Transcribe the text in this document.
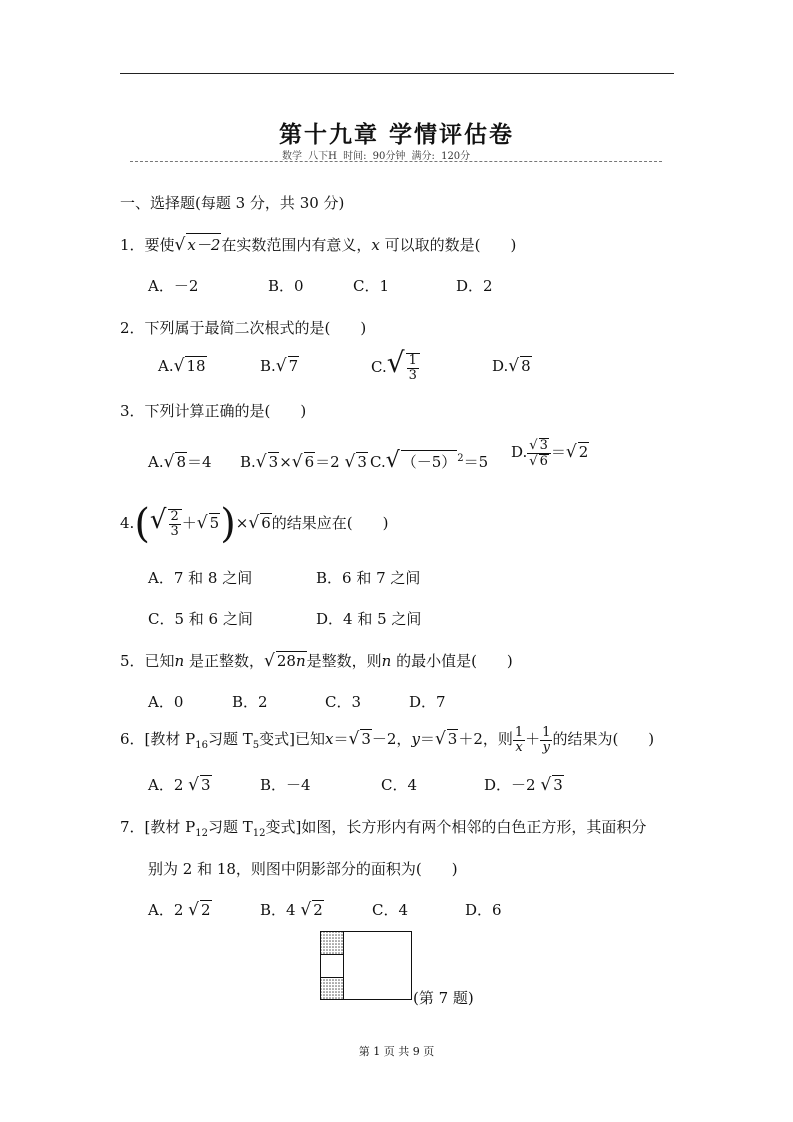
第十九章 学情评估卷
数学 八下H 时间: 90分钟 满分: 120分
一、选择题(每题 3 分，共 30 分)
1．要使√ x－2在实数范围内有意义，x 可以取的数是(　　)
A．－2	B．0	C．1	D．2
2．下列属于最简二次根式的是(　　)
A.√ 18	B.√ 7	$C.√ \frac{1}{3}$	D.√ 8
3．下列计算正确的是(　　)
A.√ 8＝4 B.√ 3×√ 6＝2 √ 3 C.√ $(-5)^2=5$
D. $\frac{√ 3}{√ 6}$ ＝√ 2
$4.(√ \frac{2}{3}$ ＋√ 5)×√ 6的结果应在(　　)
A．7 和 8 之间	B．6 和 7 之间
C．5 和 6 之间	D．4 和 5 之间
5．已知n 是正整数，√ 28n是整数，则n 的最小值是(　　)
A．0	B．2	C．3	D．7
6．[教材 $P_{16}$习题 $T_5$变式]已知x＝√ 3－2，y＝√ 3＋2，则 $\frac{1}{x} + \frac{1}{y}$ 的结果为(　　)
A．2 √ 3	B．－4	C．4	D．－2 √ 3
7．[教材 $P_{12}$习题 $T_{12}$变式]如图，长方形内有两个相邻的白色正方形，其面积分
别为 2 和 18，则图中阴影部分的面积为(　　)
A．2 √ 2	B．4 √ 2	C．4	D．6
(第 7 题)
第 1 页 共 9 页
